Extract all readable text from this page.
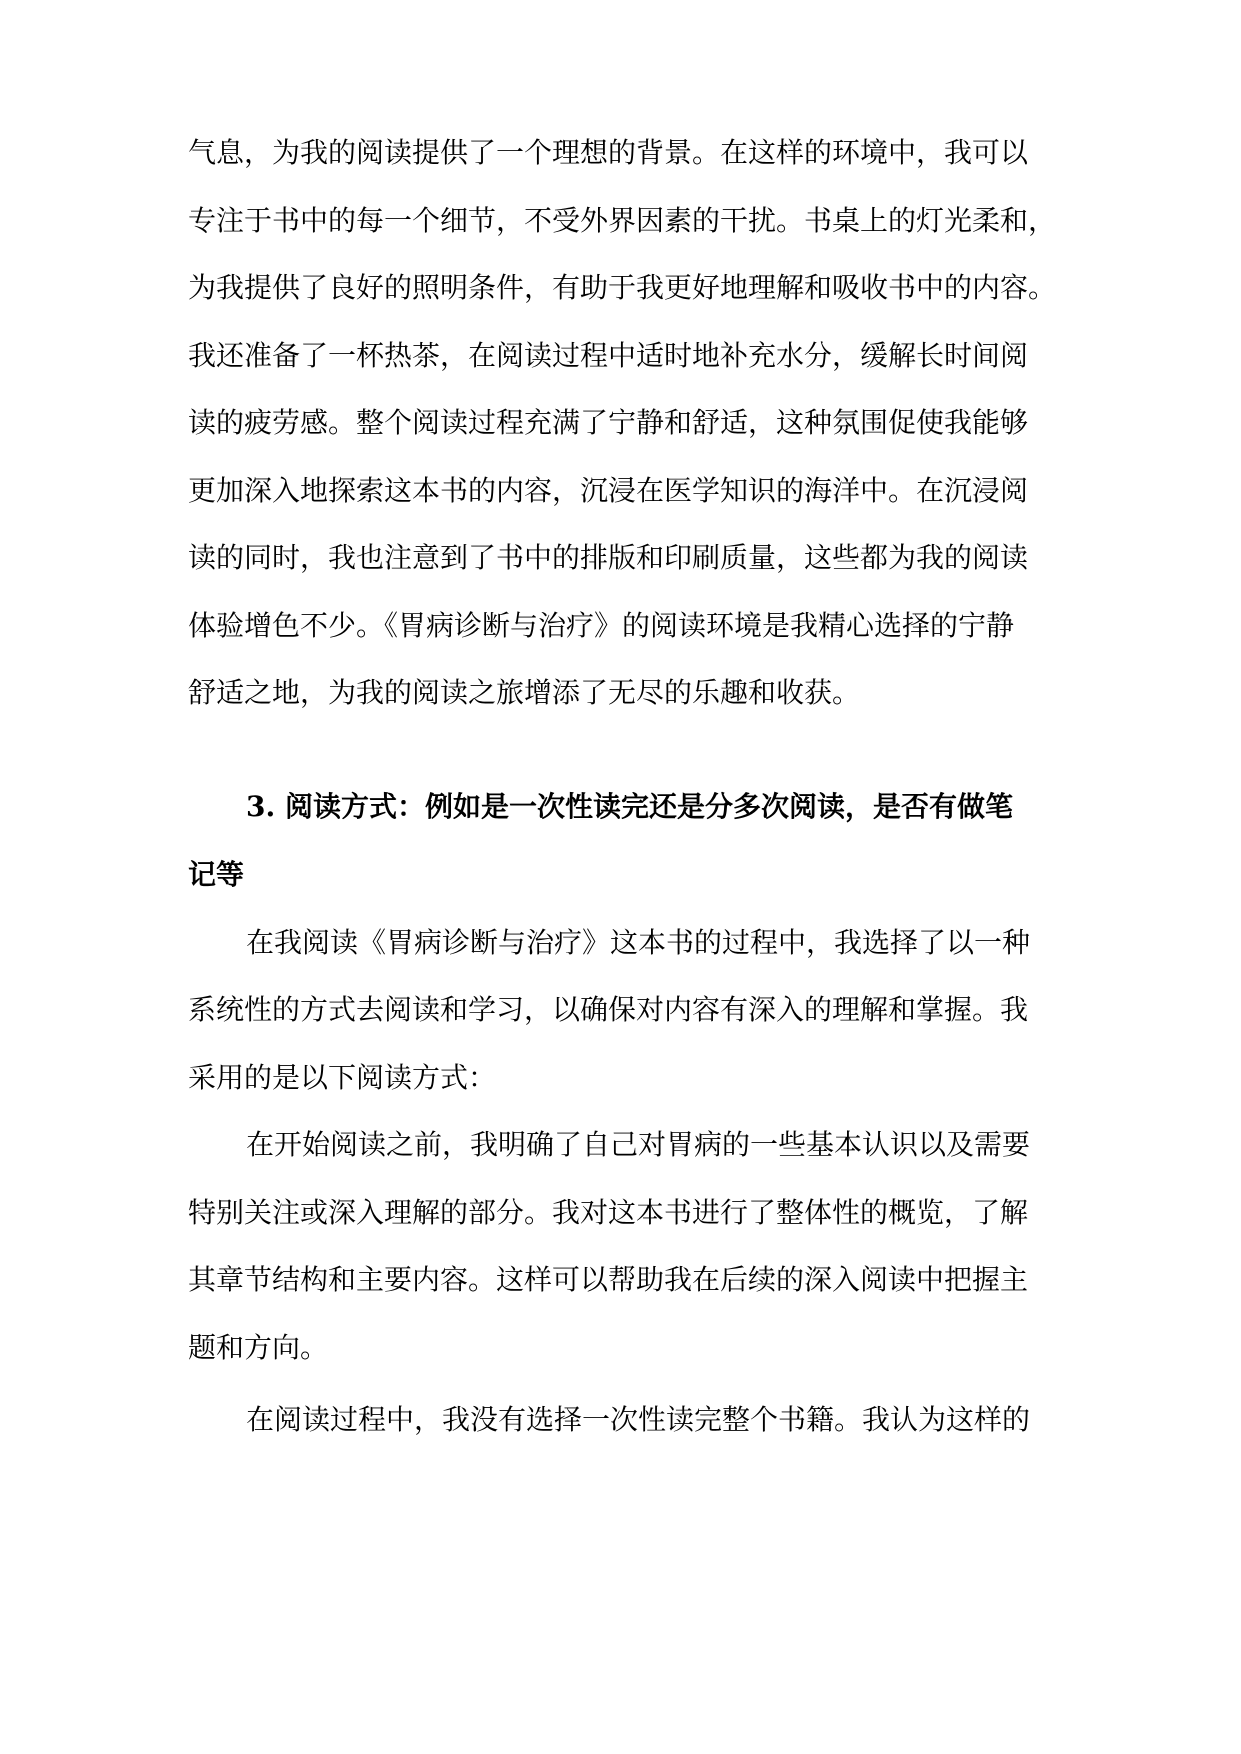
气息，为我的阅读提供了一个理想的背景。在这样的环境中，我可以
专注于书中的每一个细节，不受外界因素的干扰。书桌上的灯光柔和，
为我提供了良好的照明条件，有助于我更好地理解和吸收书中的内容。
我还准备了一杯热茶，在阅读过程中适时地补充水分，缓解长时间阅
读的疲劳感。整个阅读过程充满了宁静和舒适，这种氛围促使我能够
更加深入地探索这本书的内容，沉浸在医学知识的海洋中。在沉浸阅
读的同时，我也注意到了书中的排版和印刷质量，这些都为我的阅读
体验增色不少。《胃病诊断与治疗》的阅读环境是我精心选择的宁静
舒适之地，为我的阅读之旅增添了无尽的乐趣和收获。
3. 阅读方式：例如是一次性读完还是分多次阅读，是否有做笔
记等
在我阅读《胃病诊断与治疗》这本书的过程中，我选择了以一种
系统性的方式去阅读和学习，以确保对内容有深入的理解和掌握。我
采用的是以下阅读方式：
在开始阅读之前，我明确了自己对胃病的一些基本认识以及需要
特别关注或深入理解的部分。我对这本书进行了整体性的概览，了解
其章节结构和主要内容。这样可以帮助我在后续的深入阅读中把握主
题和方向。
在阅读过程中，我没有选择一次性读完整个书籍。我认为这样的
